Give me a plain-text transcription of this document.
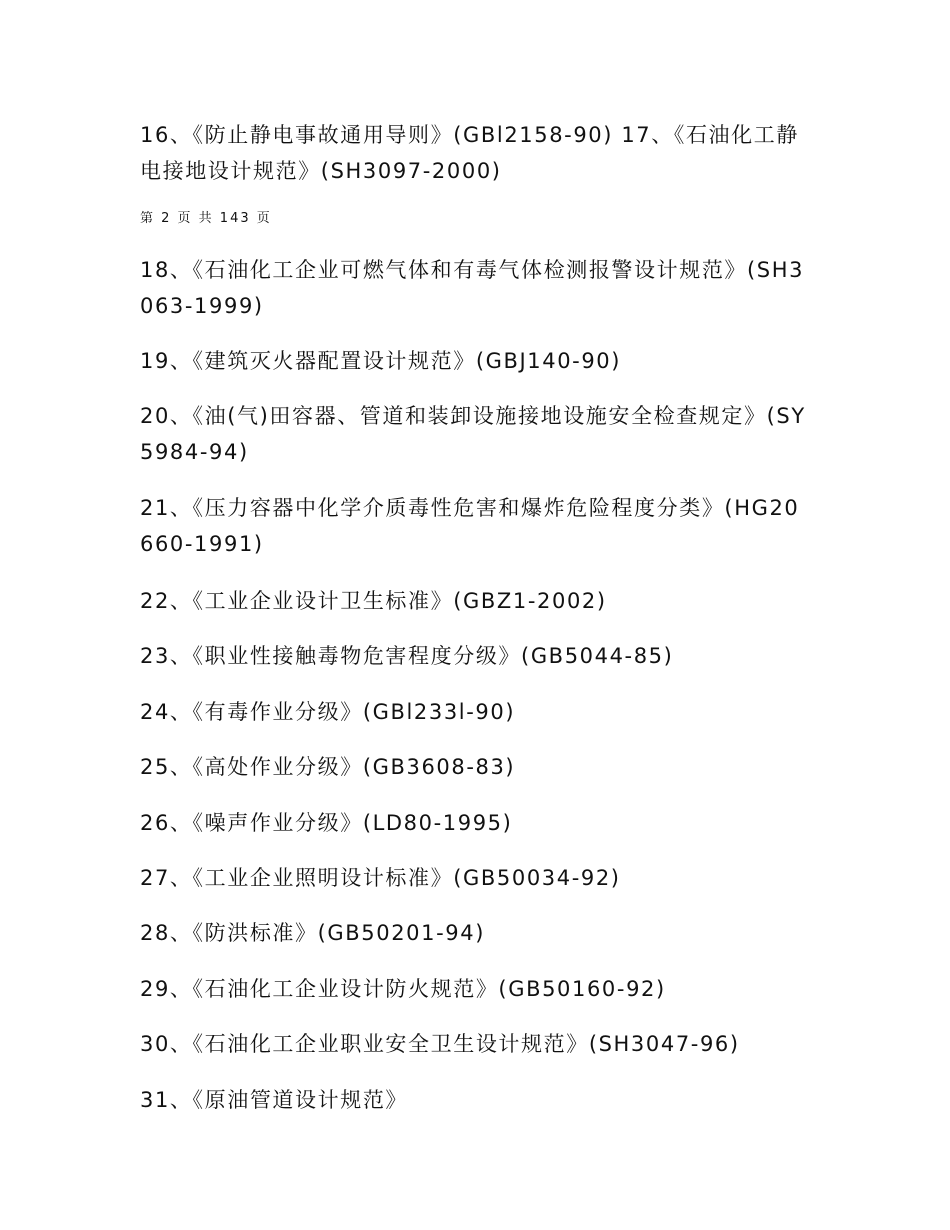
16、《防止静电事故通用导则》(GBl2158-90) 17、《石油化工静电接地设计规范》(SH3097-2000)
第 2 页 共 143 页
18、《石油化工企业可燃气体和有毒气体检测报警设计规范》(SH3063-1999)
19、《建筑灭火器配置设计规范》(GBJ140-90)
20、《油(气)田容器、管道和装卸设施接地设施安全检查规定》(SY5984-94)
21、《压力容器中化学介质毒性危害和爆炸危险程度分类》(HG20660-1991)
22、《工业企业设计卫生标准》(GBZ1-2002)
23、《职业性接触毒物危害程度分级》(GB5044-85)
24、《有毒作业分级》(GBl233l-90)
25、《高处作业分级》(GB3608-83)
26、《噪声作业分级》(LD80-1995)
27、《工业企业照明设计标准》(GB50034-92)
28、《防洪标准》(GB50201-94)
29、《石油化工企业设计防火规范》(GB50160-92)
30、《石油化工企业职业安全卫生设计规范》(SH3047-96)
31、《原油管道设计规范》
